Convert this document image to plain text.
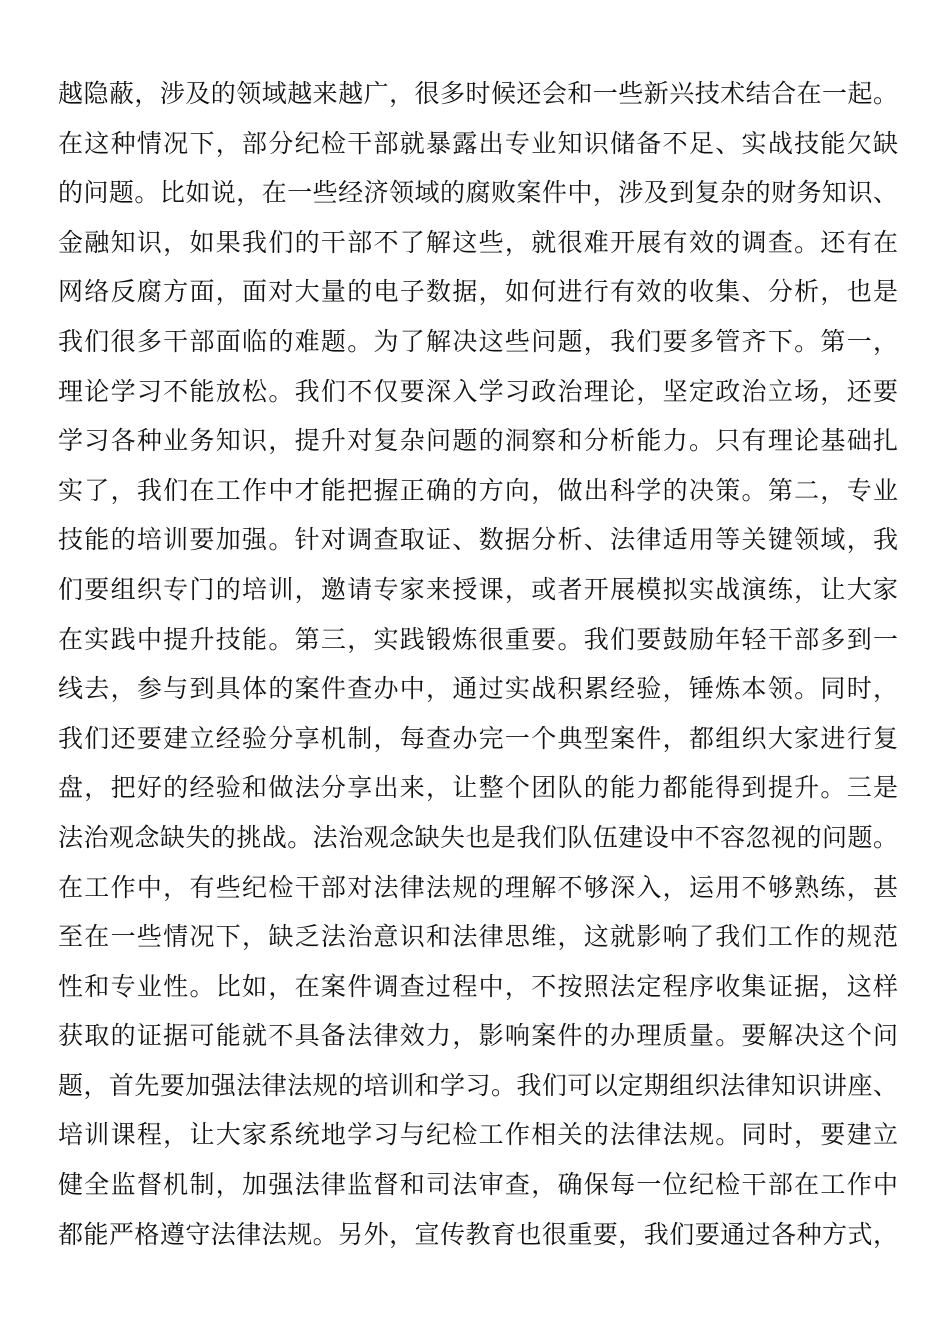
越隐蔽，涉及的领域越来越广，很多时候还会和一些新兴技术结合在一起。
在这种情况下，部分纪检干部就暴露出专业知识储备不足、实战技能欠缺
的问题。比如说，在一些经济领域的腐败案件中，涉及到复杂的财务知识、
金融知识，如果我们的干部不了解这些，就很难开展有效的调查。还有在
网络反腐方面，面对大量的电子数据，如何进行有效的收集、分析，也是
我们很多干部面临的难题。为了解决这些问题，我们要多管齐下。第一，
理论学习不能放松。我们不仅要深入学习政治理论，坚定政治立场，还要
学习各种业务知识，提升对复杂问题的洞察和分析能力。只有理论基础扎
实了，我们在工作中才能把握正确的方向，做出科学的决策。第二，专业
技能的培训要加强。针对调查取证、数据分析、法律适用等关键领域，我
们要组织专门的培训，邀请专家来授课，或者开展模拟实战演练，让大家
在实践中提升技能。第三，实践锻炼很重要。我们要鼓励年轻干部多到一
线去，参与到具体的案件查办中，通过实战积累经验，锤炼本领。同时，
我们还要建立经验分享机制，每查办完一个典型案件，都组织大家进行复
盘，把好的经验和做法分享出来，让整个团队的能力都能得到提升。三是
法治观念缺失的挑战。法治观念缺失也是我们队伍建设中不容忽视的问题。
在工作中，有些纪检干部对法律法规的理解不够深入，运用不够熟练，甚
至在一些情况下，缺乏法治意识和法律思维，这就影响了我们工作的规范
性和专业性。比如，在案件调查过程中，不按照法定程序收集证据，这样
获取的证据可能就不具备法律效力，影响案件的办理质量。要解决这个问
题，首先要加强法律法规的培训和学习。我们可以定期组织法律知识讲座、
培训课程，让大家系统地学习与纪检工作相关的法律法规。同时，要建立
健全监督机制，加强法律监督和司法审查，确保每一位纪检干部在工作中
都能严格遵守法律法规。另外，宣传教育也很重要，我们要通过各种方式，
